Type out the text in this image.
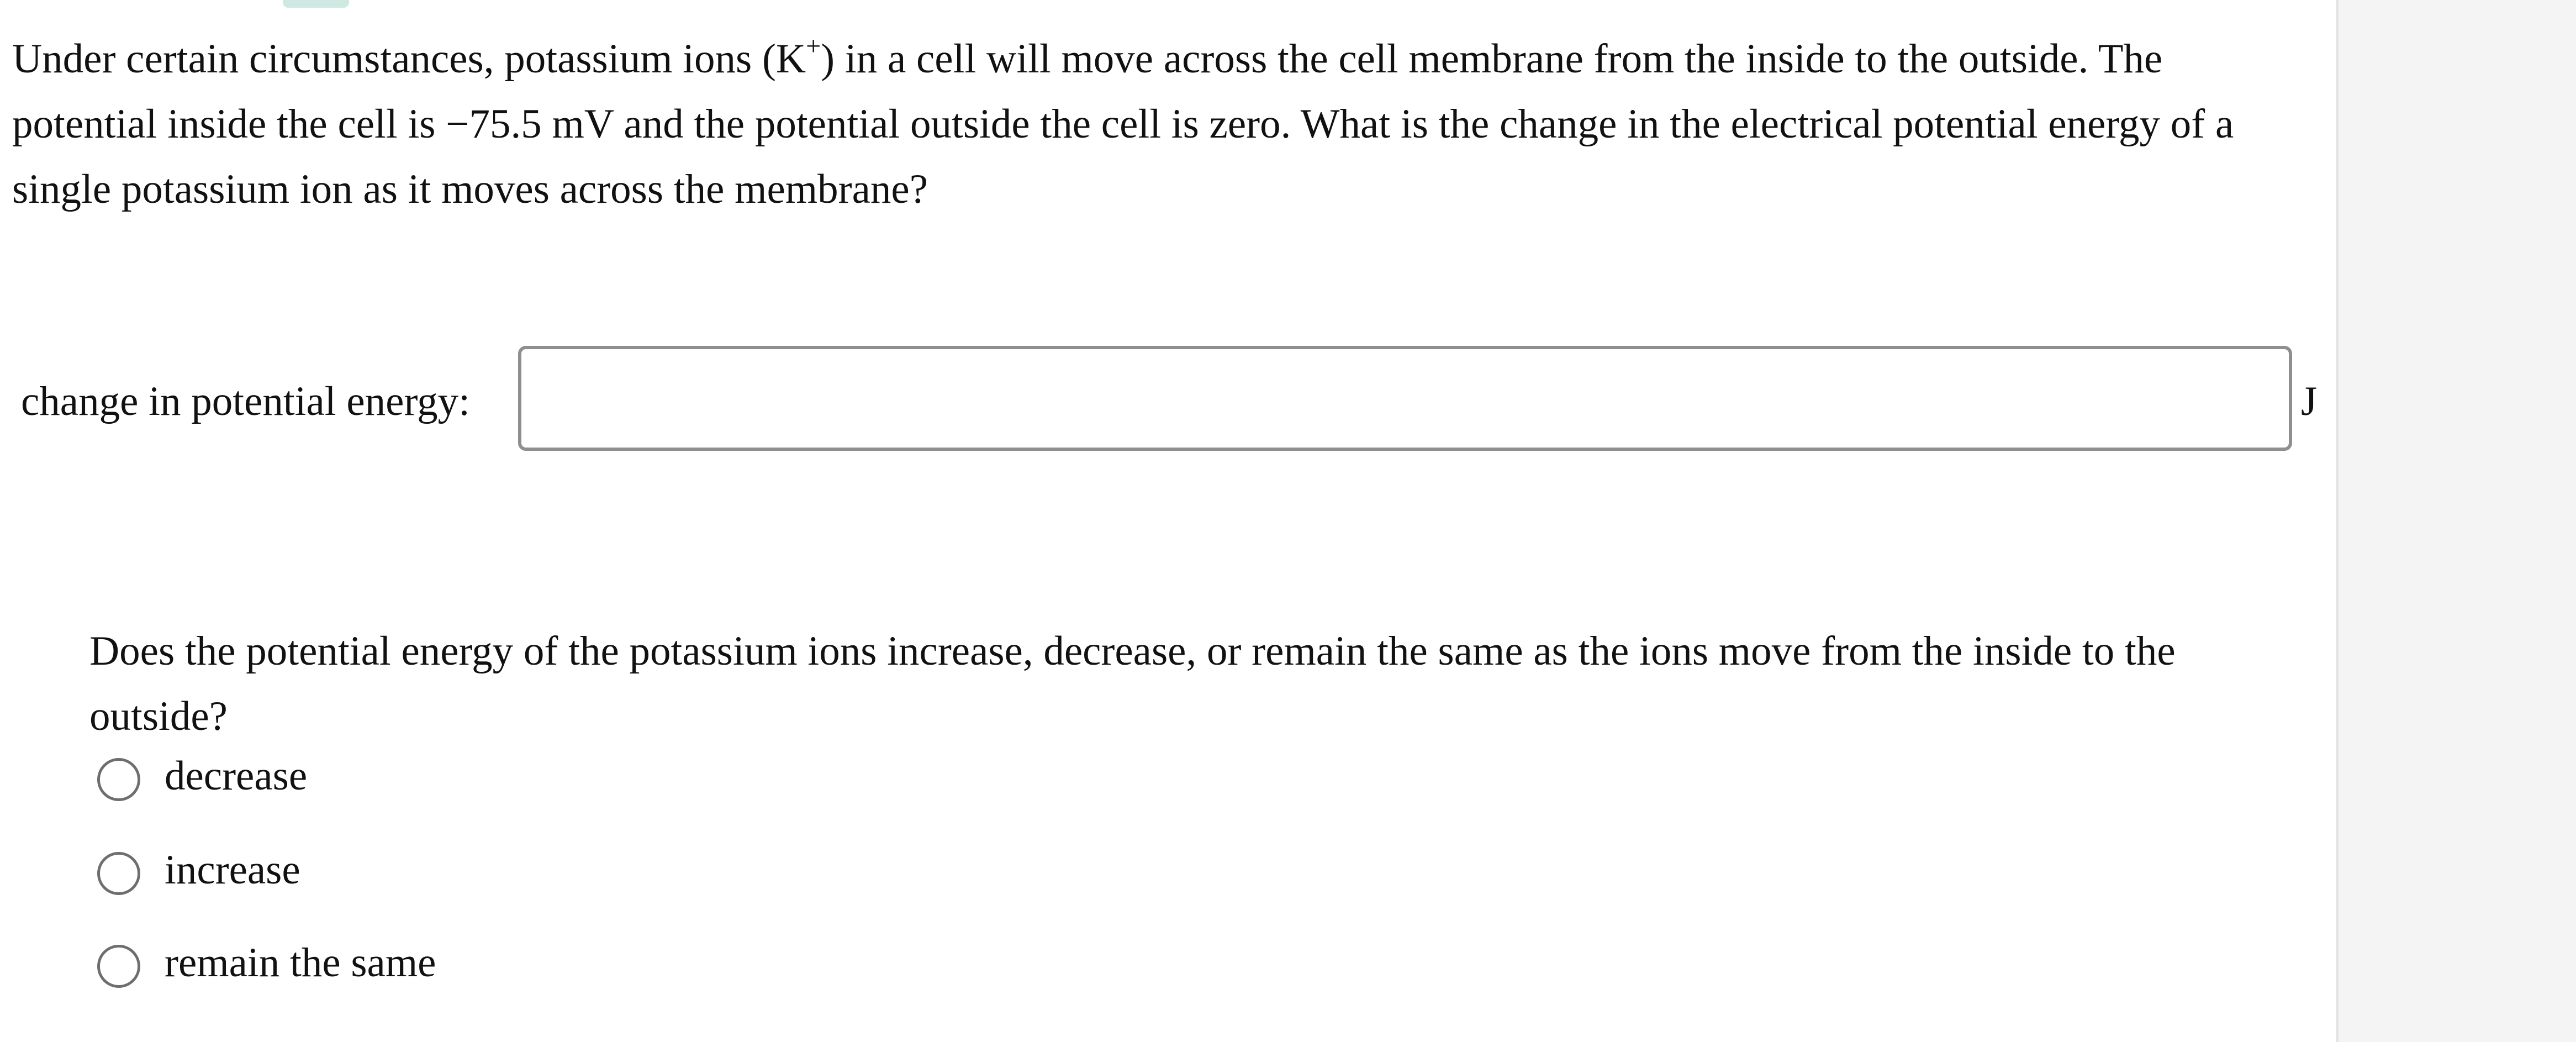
Under certain circumstances, potassium ions (K+) in a cell will move across the cell membrane from the inside to the outside. The potential inside the cell is −75.5 mV and the potential outside the cell is zero. What is the change in the electrical potential energy of a single potassium ion as it moves across the membrane?

change in potential energy:	J

Does the potential energy of the potassium ions increase, decrease, or remain the same as the ions move from the inside to the outside?

decrease
increase
remain the same
